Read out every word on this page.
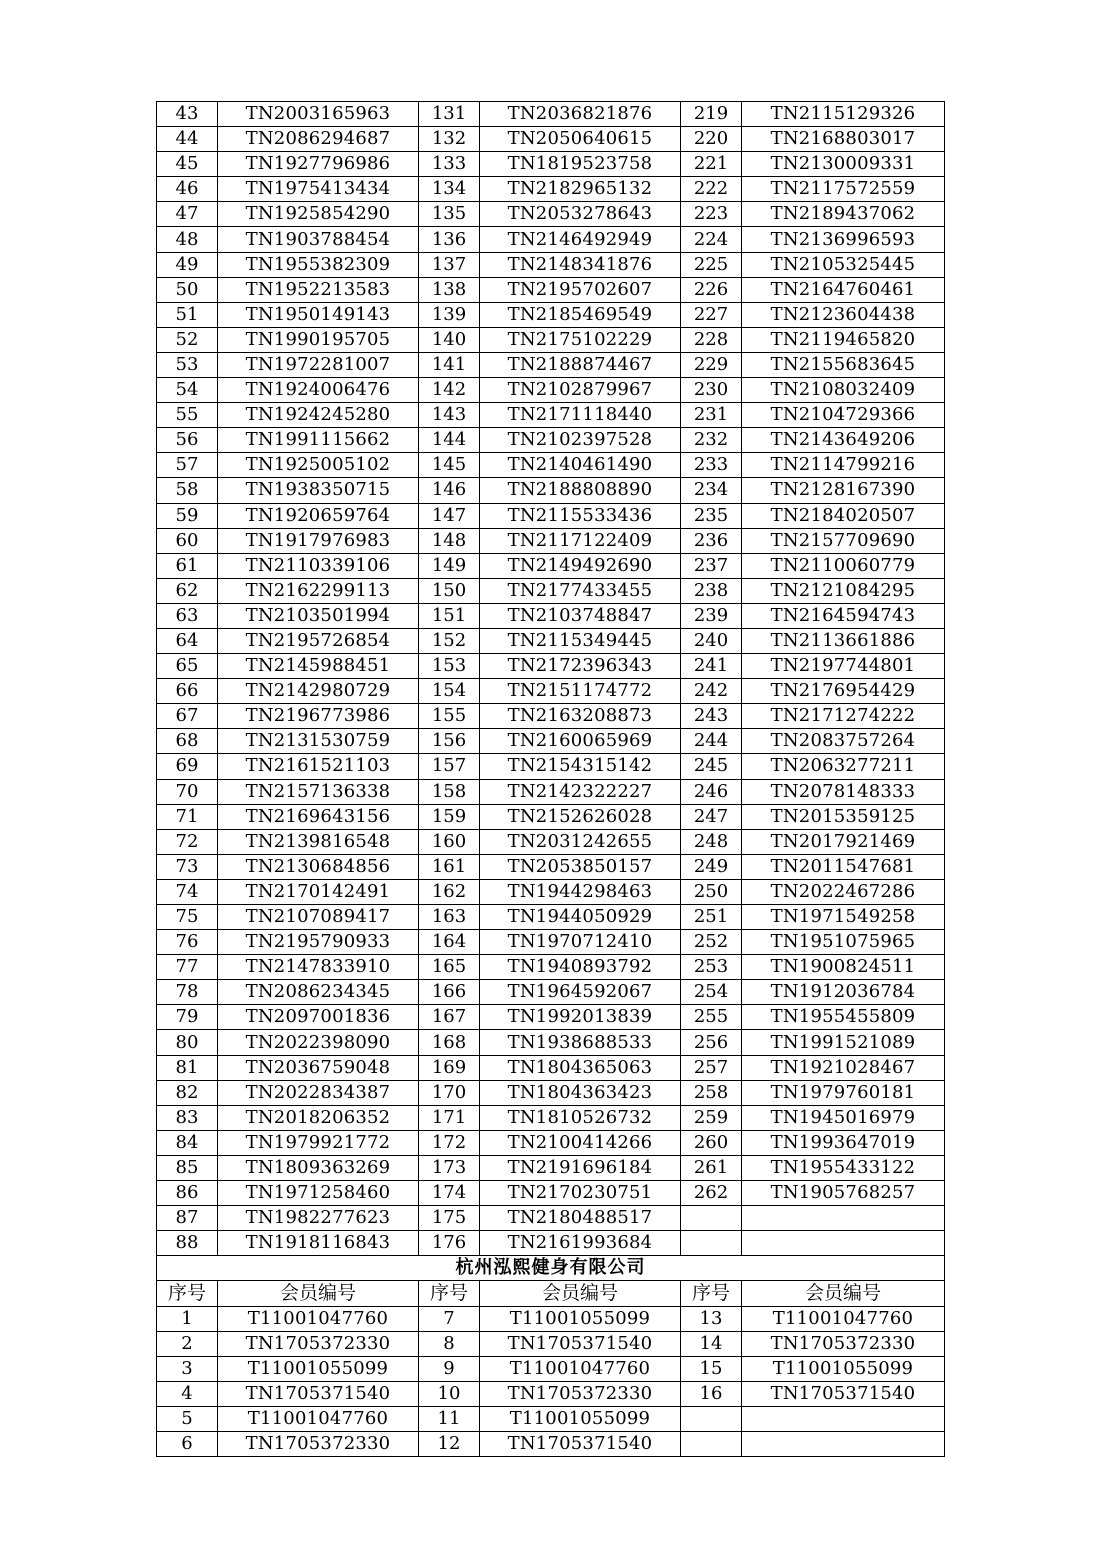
43	TN2003165963	131	TN2036821876	219	TN2115129326
44	TN2086294687	132	TN2050640615	220	TN2168803017
45	TN1927796986	133	TN1819523758	221	TN2130009331
46	TN1975413434	134	TN2182965132	222	TN2117572559
47	TN1925854290	135	TN2053278643	223	TN2189437062
48	TN1903788454	136	TN2146492949	224	TN2136996593
49	TN1955382309	137	TN2148341876	225	TN2105325445
50	TN1952213583	138	TN2195702607	226	TN2164760461
51	TN1950149143	139	TN2185469549	227	TN2123604438
52	TN1990195705	140	TN2175102229	228	TN2119465820
53	TN1972281007	141	TN2188874467	229	TN2155683645
54	TN1924006476	142	TN2102879967	230	TN2108032409
55	TN1924245280	143	TN2171118440	231	TN2104729366
56	TN1991115662	144	TN2102397528	232	TN2143649206
57	TN1925005102	145	TN2140461490	233	TN2114799216
58	TN1938350715	146	TN2188808890	234	TN2128167390
59	TN1920659764	147	TN2115533436	235	TN2184020507
60	TN1917976983	148	TN2117122409	236	TN2157709690
61	TN2110339106	149	TN2149492690	237	TN2110060779
62	TN2162299113	150	TN2177433455	238	TN2121084295
63	TN2103501994	151	TN2103748847	239	TN2164594743
64	TN2195726854	152	TN2115349445	240	TN2113661886
65	TN2145988451	153	TN2172396343	241	TN2197744801
66	TN2142980729	154	TN2151174772	242	TN2176954429
67	TN2196773986	155	TN2163208873	243	TN2171274222
68	TN2131530759	156	TN2160065969	244	TN2083757264
69	TN2161521103	157	TN2154315142	245	TN2063277211
70	TN2157136338	158	TN2142322227	246	TN2078148333
71	TN2169643156	159	TN2152626028	247	TN2015359125
72	TN2139816548	160	TN2031242655	248	TN2017921469
73	TN2130684856	161	TN2053850157	249	TN2011547681
74	TN2170142491	162	TN1944298463	250	TN2022467286
75	TN2107089417	163	TN1944050929	251	TN1971549258
76	TN2195790933	164	TN1970712410	252	TN1951075965
77	TN2147833910	165	TN1940893792	253	TN1900824511
78	TN2086234345	166	TN1964592067	254	TN1912036784
79	TN2097001836	167	TN1992013839	255	TN1955455809
80	TN2022398090	168	TN1938688533	256	TN1991521089
81	TN2036759048	169	TN1804365063	257	TN1921028467
82	TN2022834387	170	TN1804363423	258	TN1979760181
83	TN2018206352	171	TN1810526732	259	TN1945016979
84	TN1979921772	172	TN2100414266	260	TN1993647019
85	TN1809363269	173	TN2191696184	261	TN1955433122
86	TN1971258460	174	TN2170230751	262	TN1905768257
87	TN1982277623	175	TN2180488517		
88	TN1918116843	176	TN2161993684		
杭州泓熙健身有限公司					
序号	会员编号	序号	会员编号	序号	会员编号
1	T11001047760	7	T11001055099	13	T11001047760
2	TN1705372330	8	TN1705371540	14	TN1705372330
3	T11001055099	9	T11001047760	15	T11001055099
4	TN1705371540	10	TN1705372330	16	TN1705371540
5	T11001047760	11	T11001055099		
6	TN1705372330	12	TN1705371540		
